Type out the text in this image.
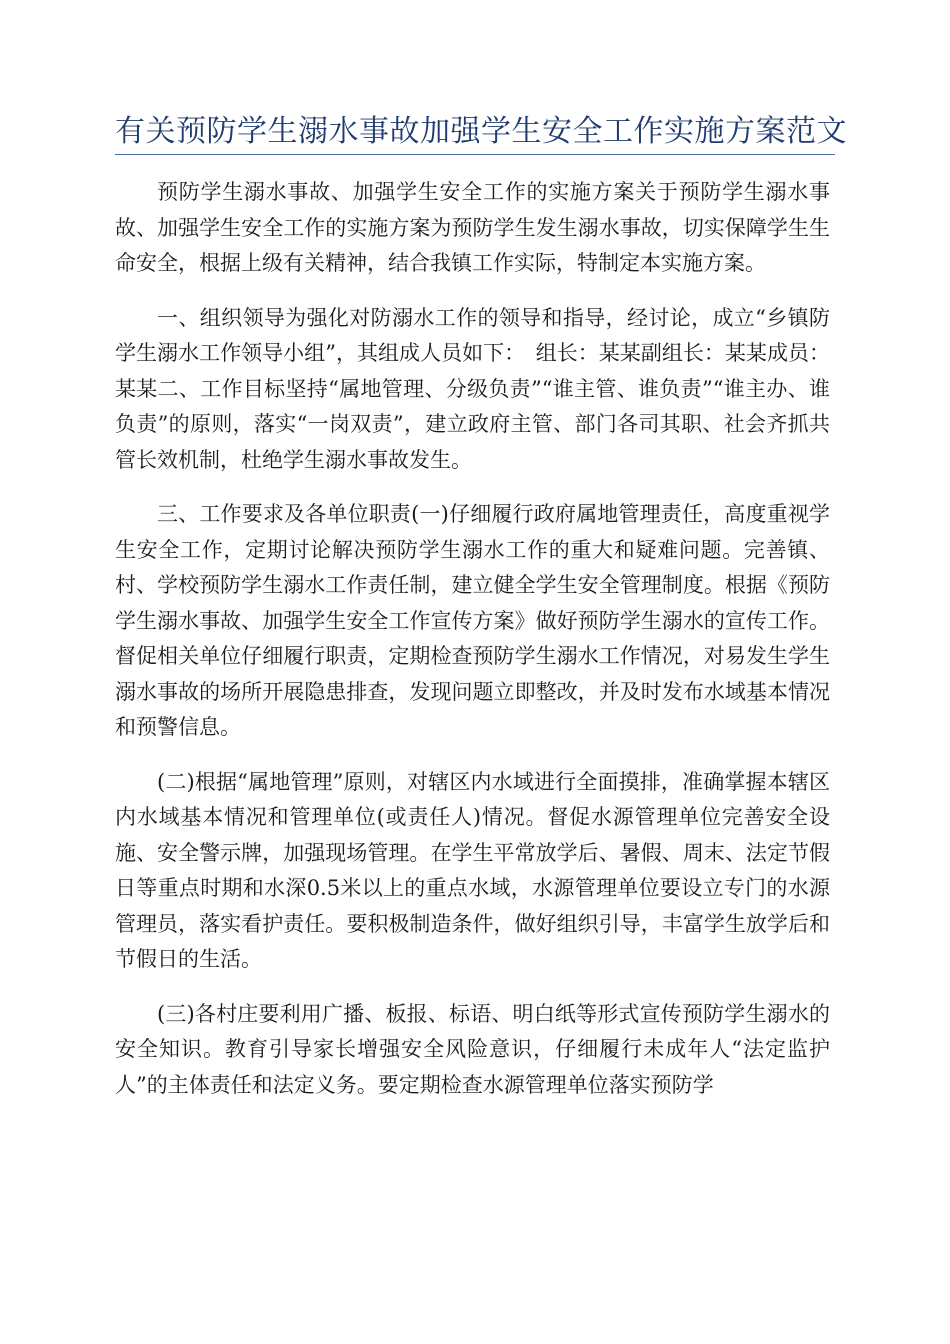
有关预防学生溺水事故加强学生安全工作实施方案范文

预防学生溺水事故、加强学生安全工作的实施方案关于预防学生溺水事故、加强学生安全工作的实施方案为预防学生发生溺水事故，切实保障学生生命安全，根据上级有关精神，结合我镇工作实际，特制定本实施方案。

一、组织领导为强化对防溺水工作的领导和指导，经讨论，成立“乡镇防学生溺水工作领导小组”，其组成人员如下：　组长：某某副组长：某某成员：某某二、工作目标坚持“属地管理、分级负责”“谁主管、谁负责”“谁主办、谁负责”的原则，落实“一岗双责”，建立政府主管、部门各司其职、社会齐抓共管长效机制，杜绝学生溺水事故发生。

三、工作要求及各单位职责(一)仔细履行政府属地管理责任，高度重视学生安全工作，定期讨论解决预防学生溺水工作的重大和疑难问题。完善镇、村、学校预防学生溺水工作责任制，建立健全学生安全管理制度。根据《预防学生溺水事故、加强学生安全工作宣传方案》做好预防学生溺水的宣传工作。督促相关单位仔细履行职责，定期检查预防学生溺水工作情况，对易发生学生溺水事故的场所开展隐患排查，发现问题立即整改，并及时发布水域基本情况和预警信息。

(二)根据“属地管理”原则，对辖区内水域进行全面摸排，准确掌握本辖区内水域基本情况和管理单位(或责任人)情况。督促水源管理单位完善安全设施、安全警示牌，加强现场管理。在学生平常放学后、暑假、周末、法定节假日等重点时期和水深0.5米以上的重点水域，水源管理单位要设立专门的水源管理员，落实看护责任。要积极制造条件，做好组织引导，丰富学生放学后和节假日的生活。

(三)各村庄要利用广播、板报、标语、明白纸等形式宣传预防学生溺水的安全知识。教育引导家长增强安全风险意识，仔细履行未成年人“法定监护人”的主体责任和法定义务。要定期检查水源管理单位落实预防学
